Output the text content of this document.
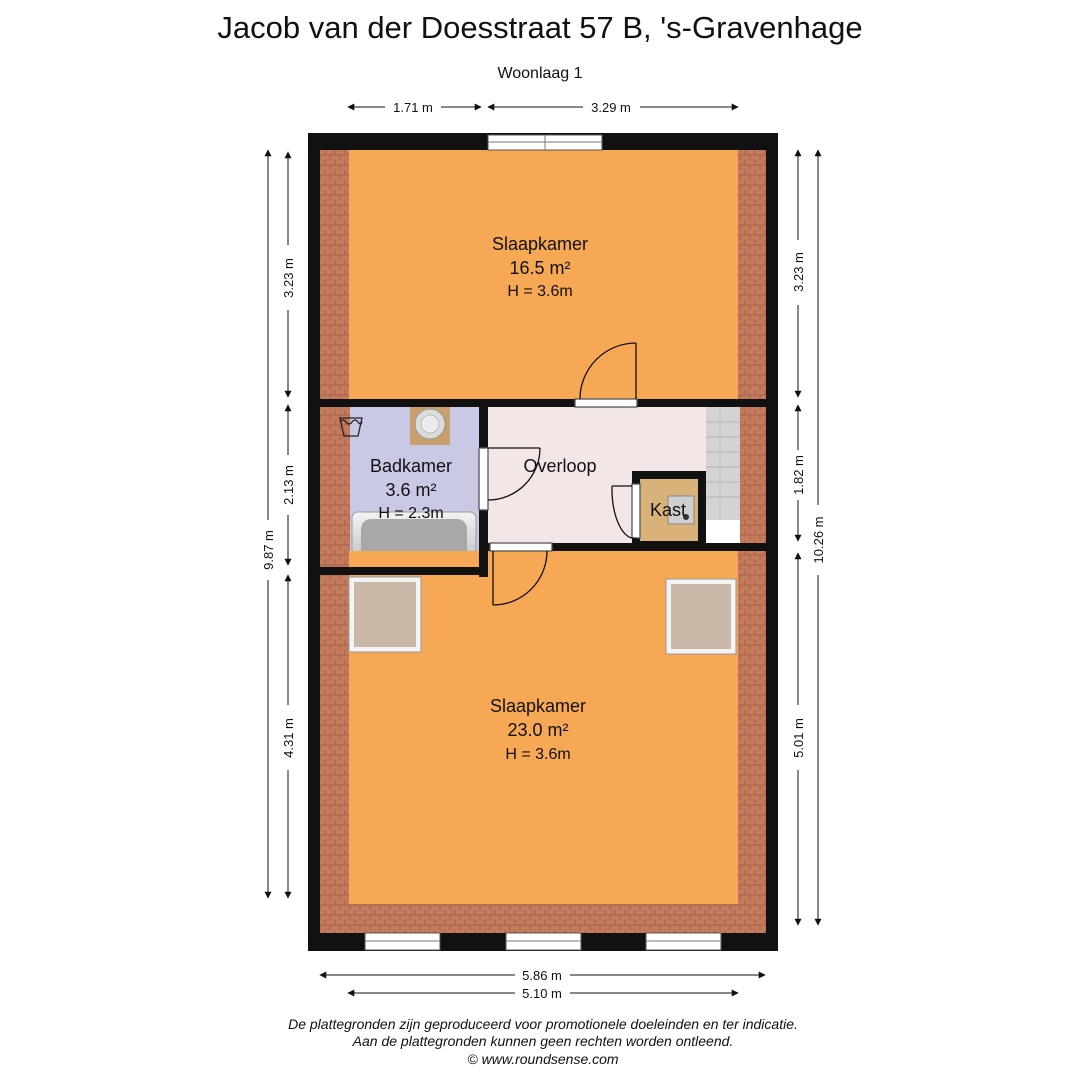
Jacob van der Doesstraat 57 B, 's-Gravenhage
Woonlaag 1
Slaapkamer
16.5 m²
H = 3.6m
Badkamer
3.6 m²
H = 2.3m
Overloop
Kast
Slaapkamer
23.0 m²
H = 3.6m
1.71 m	3.29 m
9.87 m
3.23 m
2.13 m
4.31 m
3.23 m
1.82 m
5.01 m
10.26 m
5.86 m
5.10 m
De plattegronden zijn geproduceerd voor promotionele doeleinden en ter indicatie.
Aan de plattegronden kunnen geen rechten worden ontleend.
© www.roundsense.com
